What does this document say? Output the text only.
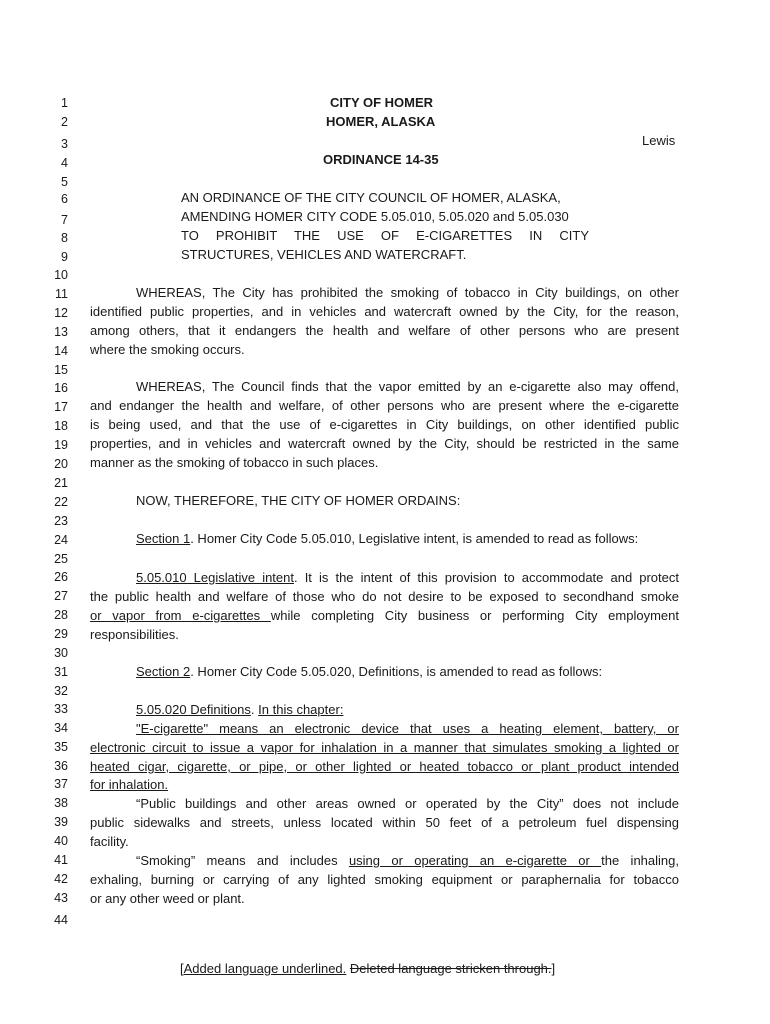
1
2
3
4
5
6
7
8
9
10
11
12
13
14
15
16
17
18
19
20
21
22
23
24
25
26
27
28
29
30
31
32
33
34
35
36
37
38
39
40
41
42
43
44
CITY OF HOMER
HOMER, ALASKA
Lewis
ORDINANCE 14-35
AN ORDINANCE OF THE CITY COUNCIL OF HOMER, ALASKA,
AMENDING HOMER CITY CODE 5.05.010, 5.05.020 and 5.05.030
TO PROHIBIT THE USE OF E-CIGARETTES IN CITY
STRUCTURES, VEHICLES AND WATERCRAFT.
WHEREAS, The City has prohibited the smoking of tobacco in City buildings, on other
identified public properties, and in vehicles and watercraft owned by the City, for the reason,
among others, that it endangers the health and welfare of other persons who are present
where the smoking occurs.
WHEREAS, The Council finds that the vapor emitted by an e-cigarette also may offend,
and endanger the health and welfare, of other persons who are present where the e-cigarette
is being used, and that the use of e-cigarettes in City buildings, on other identified public
properties, and in vehicles and watercraft owned by the City, should be restricted in the same
manner as the smoking of tobacco in such places.
NOW, THEREFORE, THE CITY OF HOMER ORDAINS:
Section 1. Homer City Code 5.05.010, Legislative intent, is amended to read as follows:
5.05.010 Legislative intent. It is the intent of this provision to accommodate and protect
the public health and welfare of those who do not desire to be exposed to secondhand smoke
or vapor from e-cigarettes while completing City business or performing City employment
responsibilities.
Section 2. Homer City Code 5.05.020, Definitions, is amended to read as follows:
5.05.020 Definitions. In this chapter:
"E-cigarette" means an electronic device that uses a heating element, battery, or
electronic circuit to issue a vapor for inhalation in a manner that simulates smoking a lighted or
heated cigar, cigarette, or pipe, or other lighted or heated tobacco or plant product intended
for inhalation.
“Public buildings and other areas owned or operated by the City” does not include
public sidewalks and streets, unless located within 50 feet of a petroleum fuel dispensing
facility.
“Smoking” means and includes using or operating an e-cigarette or the inhaling,
exhaling, burning or carrying of any lighted smoking equipment or paraphernalia for tobacco
or any other weed or plant.
[Added language underlined. Deleted language stricken through.]
